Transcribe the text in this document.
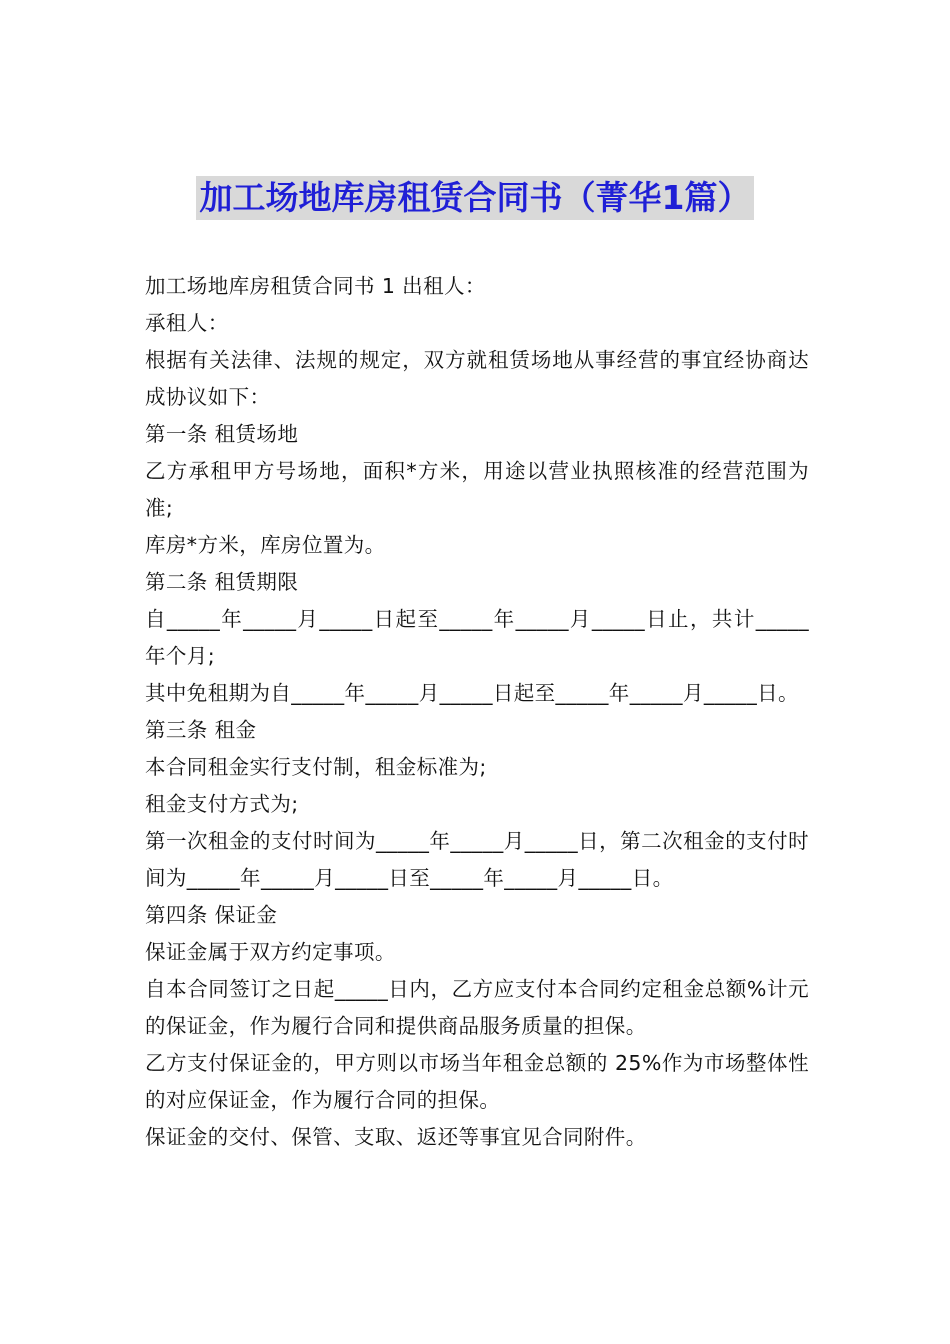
加工场地库房租赁合同书（菁华1篇）

加工场地库房租赁合同书 1 出租人：

承租人：

根据有关法律、法规的规定，双方就租赁场地从事经营的事宜经协商达成协议如下：

第一条 租赁场地

乙方承租甲方号场地，面积*方米，用途以营业执照核准的经营范围为准;

库房*方米，库房位置为。

第二条 租赁期限

自_____年_____月_____日起至_____年_____月_____日止，共计_____年个月;

其中免租期为自_____年_____月_____日起至_____年_____月_____日。

第三条 租金

本合同租金实行支付制，租金标准为;

租金支付方式为;

第一次租金的支付时间为_____年_____月_____日，第二次租金的支付时间为_____年_____月_____日至_____年_____月_____日。

第四条 保证金

保证金属于双方约定事项。

自本合同签订之日起_____日内，乙方应支付本合同约定租金总额%计元的保证金，作为履行合同和提供商品服务质量的担保。

乙方支付保证金的，甲方则以市场当年租金总额的 25%作为市场整体性的对应保证金，作为履行合同的担保。

保证金的交付、保管、支取、返还等事宜见合同附件。
